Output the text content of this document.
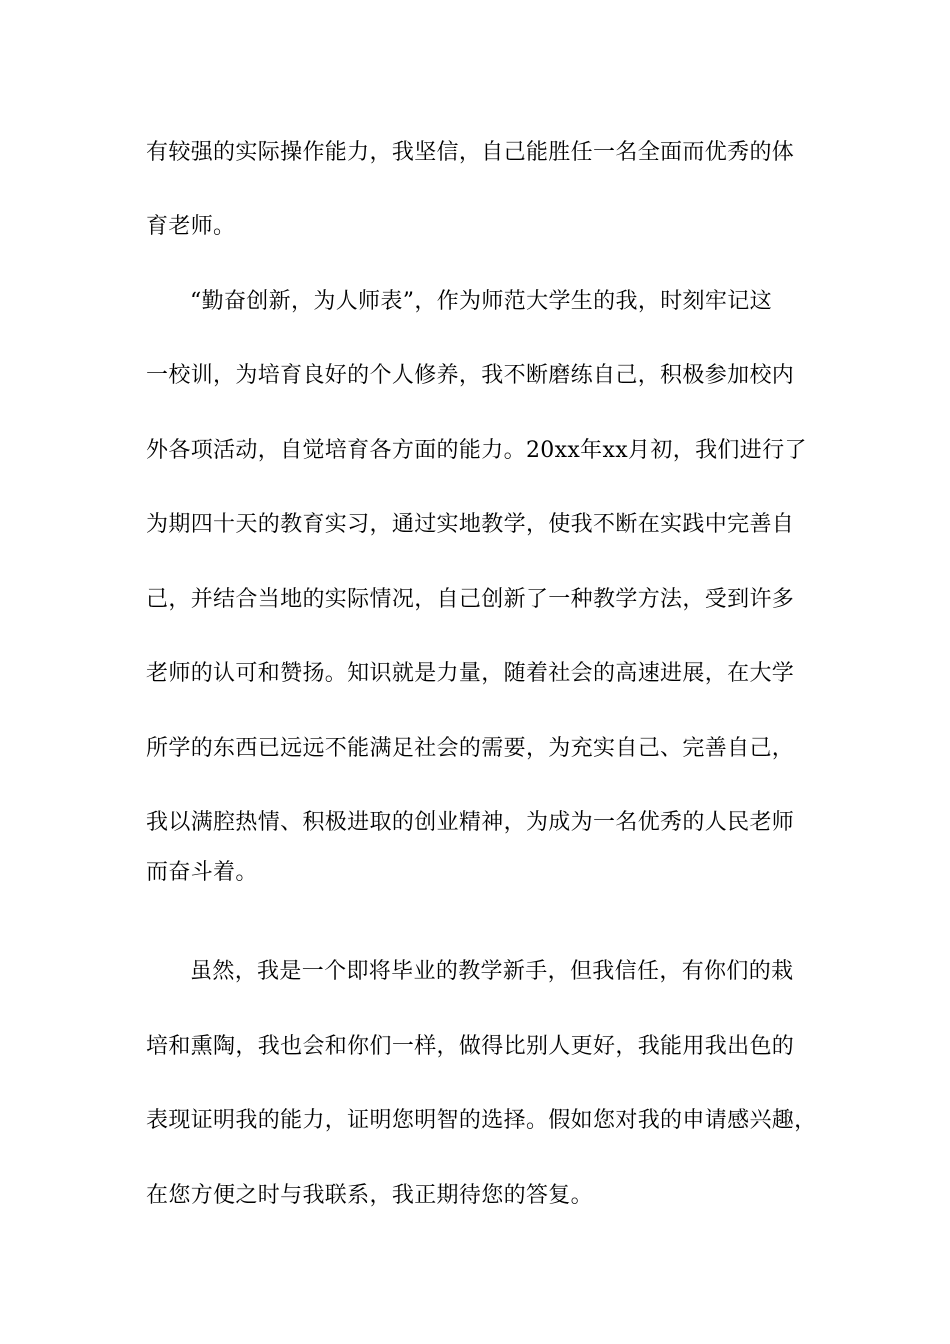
有较强的实际操作能力，我坚信，自己能胜任一名全面而优秀的体
育老师。
“勤奋创新，为人师表”，作为师范大学生的我，时刻牢记这
一校训，为培育良好的个人修养，我不断磨练自己，积极参加校内
外各项活动，自觉培育各方面的能力。20xx年xx月初，我们进行了
为期四十天的教育实习，通过实地教学，使我不断在实践中完善自
己，并结合当地的实际情况，自己创新了一种教学方法，受到许多
老师的认可和赞扬。知识就是力量，随着社会的高速进展，在大学
所学的东西已远远不能满足社会的需要，为充实自己、完善自己，
我以满腔热情、积极进取的创业精神，为成为一名优秀的人民老师
而奋斗着。
虽然，我是一个即将毕业的教学新手，但我信任，有你们的栽
培和熏陶，我也会和你们一样，做得比别人更好，我能用我出色的
表现证明我的能力，证明您明智的选择。假如您对我的申请感兴趣，
在您方便之时与我联系，我正期待您的答复。
